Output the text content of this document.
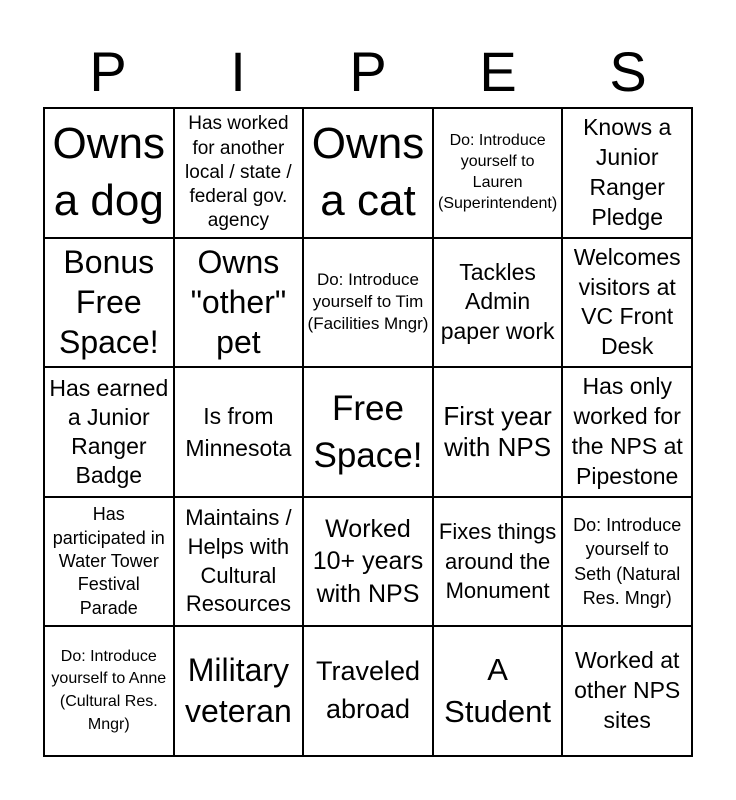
P	I	P	E	S
Owns a dog
Has worked for another local / state / federal gov. agency
Owns a cat
Do: Introduce yourself to Lauren (Superintendent)
Knows a Junior Ranger Pledge
Bonus Free Space!
Owns "other" pet
Do: Introduce yourself to Tim (Facilities Mngr)
Tackles Admin paper work
Welcomes visitors at VC Front Desk
Has earned a Junior Ranger Badge
Is from Minnesota
Free Space!
First year with NPS
Has only worked for the NPS at Pipestone
Has participated in Water Tower Festival Parade
Maintains / Helps with Cultural Resources
Worked 10+ years with NPS
Fixes things around the Monument
Do: Introduce yourself to Seth (Natural Res. Mngr)
Do: Introduce yourself to Anne (Cultural Res. Mngr)
Military veteran
Traveled abroad
A Student
Worked at other NPS sites
